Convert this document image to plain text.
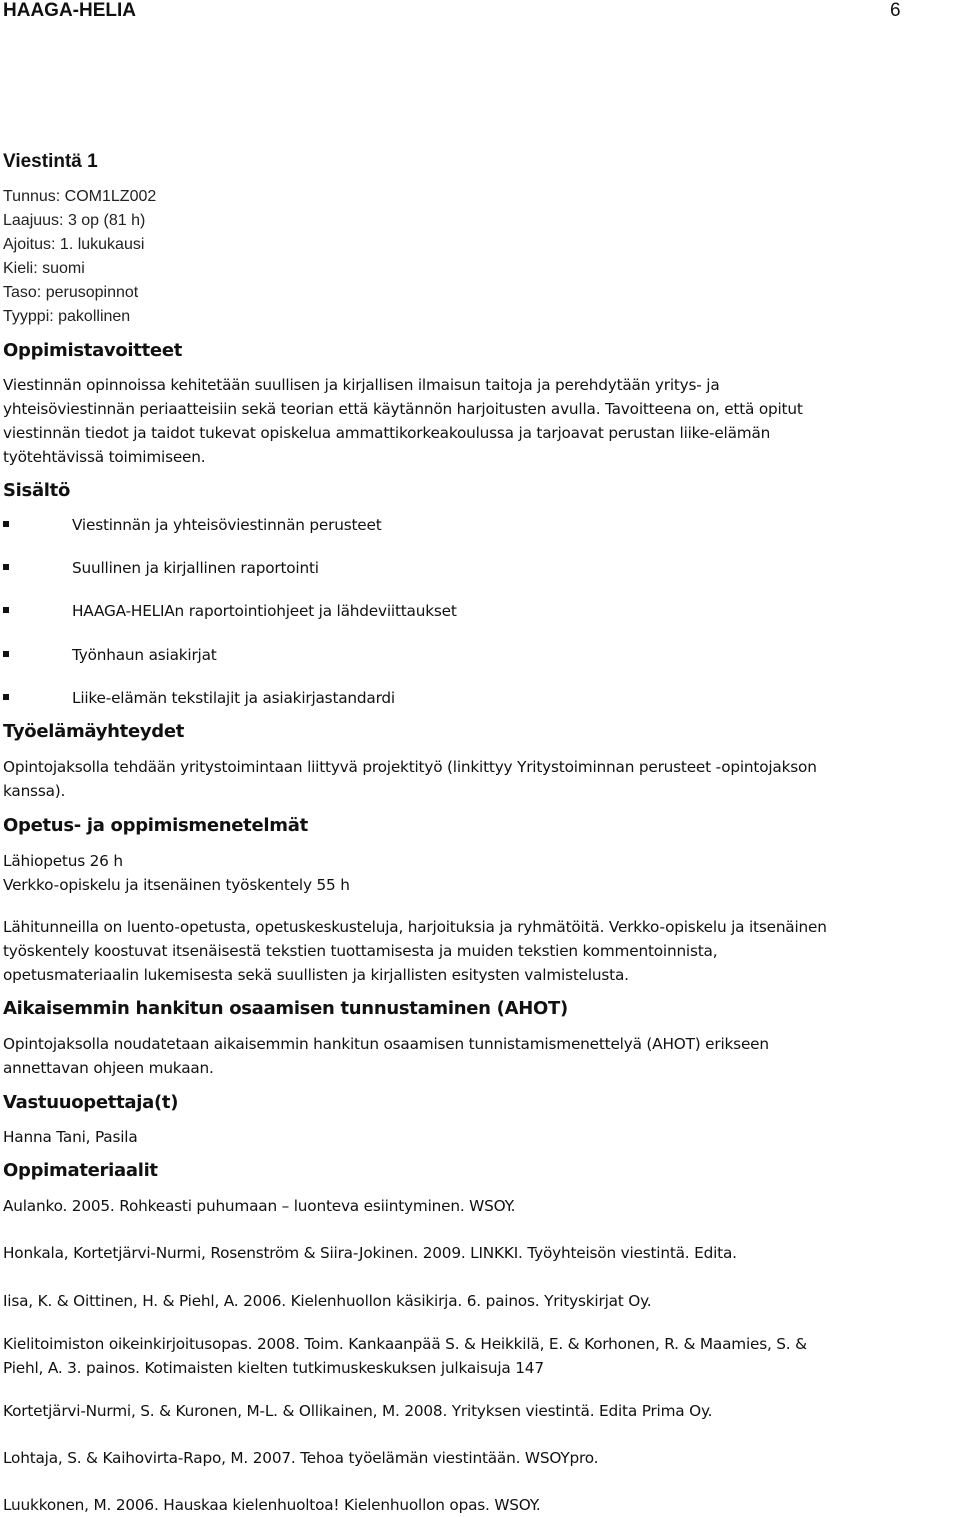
HAAGA-HELIA	6
Viestintä 1
Tunnus: COM1LZ002
Laajuus: 3 op (81 h)
Ajoitus: 1. lukukausi
Kieli: suomi
Taso: perusopinnot
Tyyppi: pakollinen
Oppimistavoitteet
Viestinnän opinnoissa kehitetään suullisen ja kirjallisen ilmaisun taitoja ja perehdytään yritys- ja
yhteisöviestinnän periaatteisiin sekä teorian että käytännön harjoitusten avulla. Tavoitteena on, että opitut
viestinnän tiedot ja taidot tukevat opiskelua ammattikorkeakoulussa ja tarjoavat perustan liike-elämän
työtehtävissä toimimiseen.
Sisältö
Viestinnän ja yhteisöviestinnän perusteet
Suullinen ja kirjallinen raportointi
HAAGA-HELIAn raportointiohjeet ja lähdeviittaukset
Työnhaun asiakirjat
Liike-elämän tekstilajit ja asiakirjastandardi
Työelämäyhteydet
Opintojaksolla tehdään yritystoimintaan liittyvä projektityö (linkittyy Yritystoiminnan perusteet -opintojakson
kanssa).
Opetus- ja oppimismenetelmät
Lähiopetus 26 h
Verkko-opiskelu ja itsenäinen työskentely 55 h
Lähitunneilla on luento-opetusta, opetuskeskusteluja, harjoituksia ja ryhmätöitä. Verkko-opiskelu ja itsenäinen
työskentely koostuvat itsenäisestä tekstien tuottamisesta ja muiden tekstien kommentoinnista,
opetusmateriaalin lukemisesta sekä suullisten ja kirjallisten esitysten valmistelusta.
Aikaisemmin hankitun osaamisen tunnustaminen (AHOT)
Opintojaksolla noudatetaan aikaisemmin hankitun osaamisen tunnistamismenettelyä (AHOT) erikseen
annettavan ohjeen mukaan.
Vastuuopettaja(t)
Hanna Tani, Pasila
Oppimateriaalit
Aulanko. 2005. Rohkeasti puhumaan – luonteva esiintyminen. WSOY.
Honkala, Kortetjärvi-Nurmi, Rosenström & Siira-Jokinen. 2009. LINKKI. Työyhteisön viestintä. Edita.
Iisa, K. & Oittinen, H. & Piehl, A. 2006. Kielenhuollon käsikirja. 6. painos. Yrityskirjat Oy.
Kielitoimiston oikeinkirjoitusopas. 2008. Toim. Kankaanpää S. & Heikkilä, E. & Korhonen, R. & Maamies, S. &
Piehl, A. 3. painos. Kotimaisten kielten tutkimuskeskuksen julkaisuja 147
Kortetjärvi-Nurmi, S. & Kuronen, M-L. & Ollikainen, M. 2008. Yrityksen viestintä. Edita Prima Oy.
Lohtaja, S. & Kaihovirta-Rapo, M. 2007. Tehoa työelämän viestintään. WSOYpro.
Luukkonen, M. 2006. Hauskaa kielenhuoltoa! Kielenhuollon opas. WSOY.
